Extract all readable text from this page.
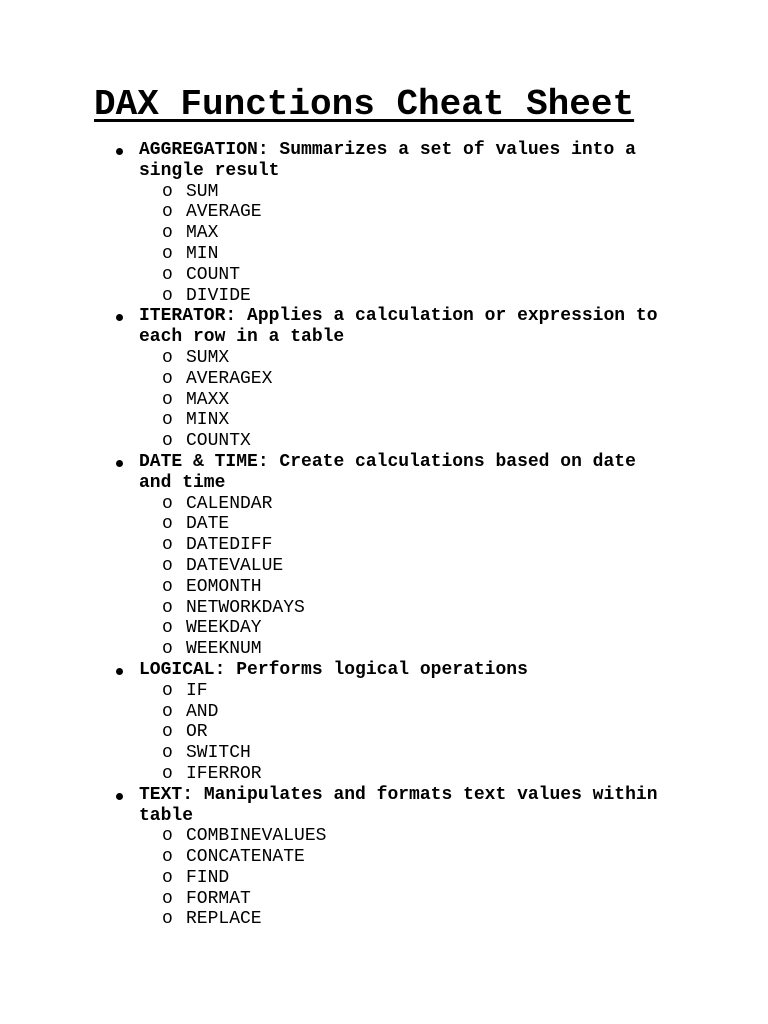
DAX Functions Cheat Sheet
AGGREGATION: Summarizes a set of values into a single result
o SUM
o AVERAGE
o MAX
o MIN
o COUNT
o DIVIDE
ITERATOR: Applies a calculation or expression to each row in a table
o SUMX
o AVERAGEX
o MAXX
o MINX
o COUNTX
DATE & TIME: Create calculations based on date and time
o CALENDAR
o DATE
o DATEDIFF
o DATEVALUE
o EOMONTH
o NETWORKDAYS
o WEEKDAY
o WEEKNUM
LOGICAL: Performs logical operations
o IF
o AND
o OR
o SWITCH
o IFERROR
TEXT: Manipulates and formats text values within table
o COMBINEVALUES
o CONCATENATE
o FIND
o FORMAT
o REPLACE
